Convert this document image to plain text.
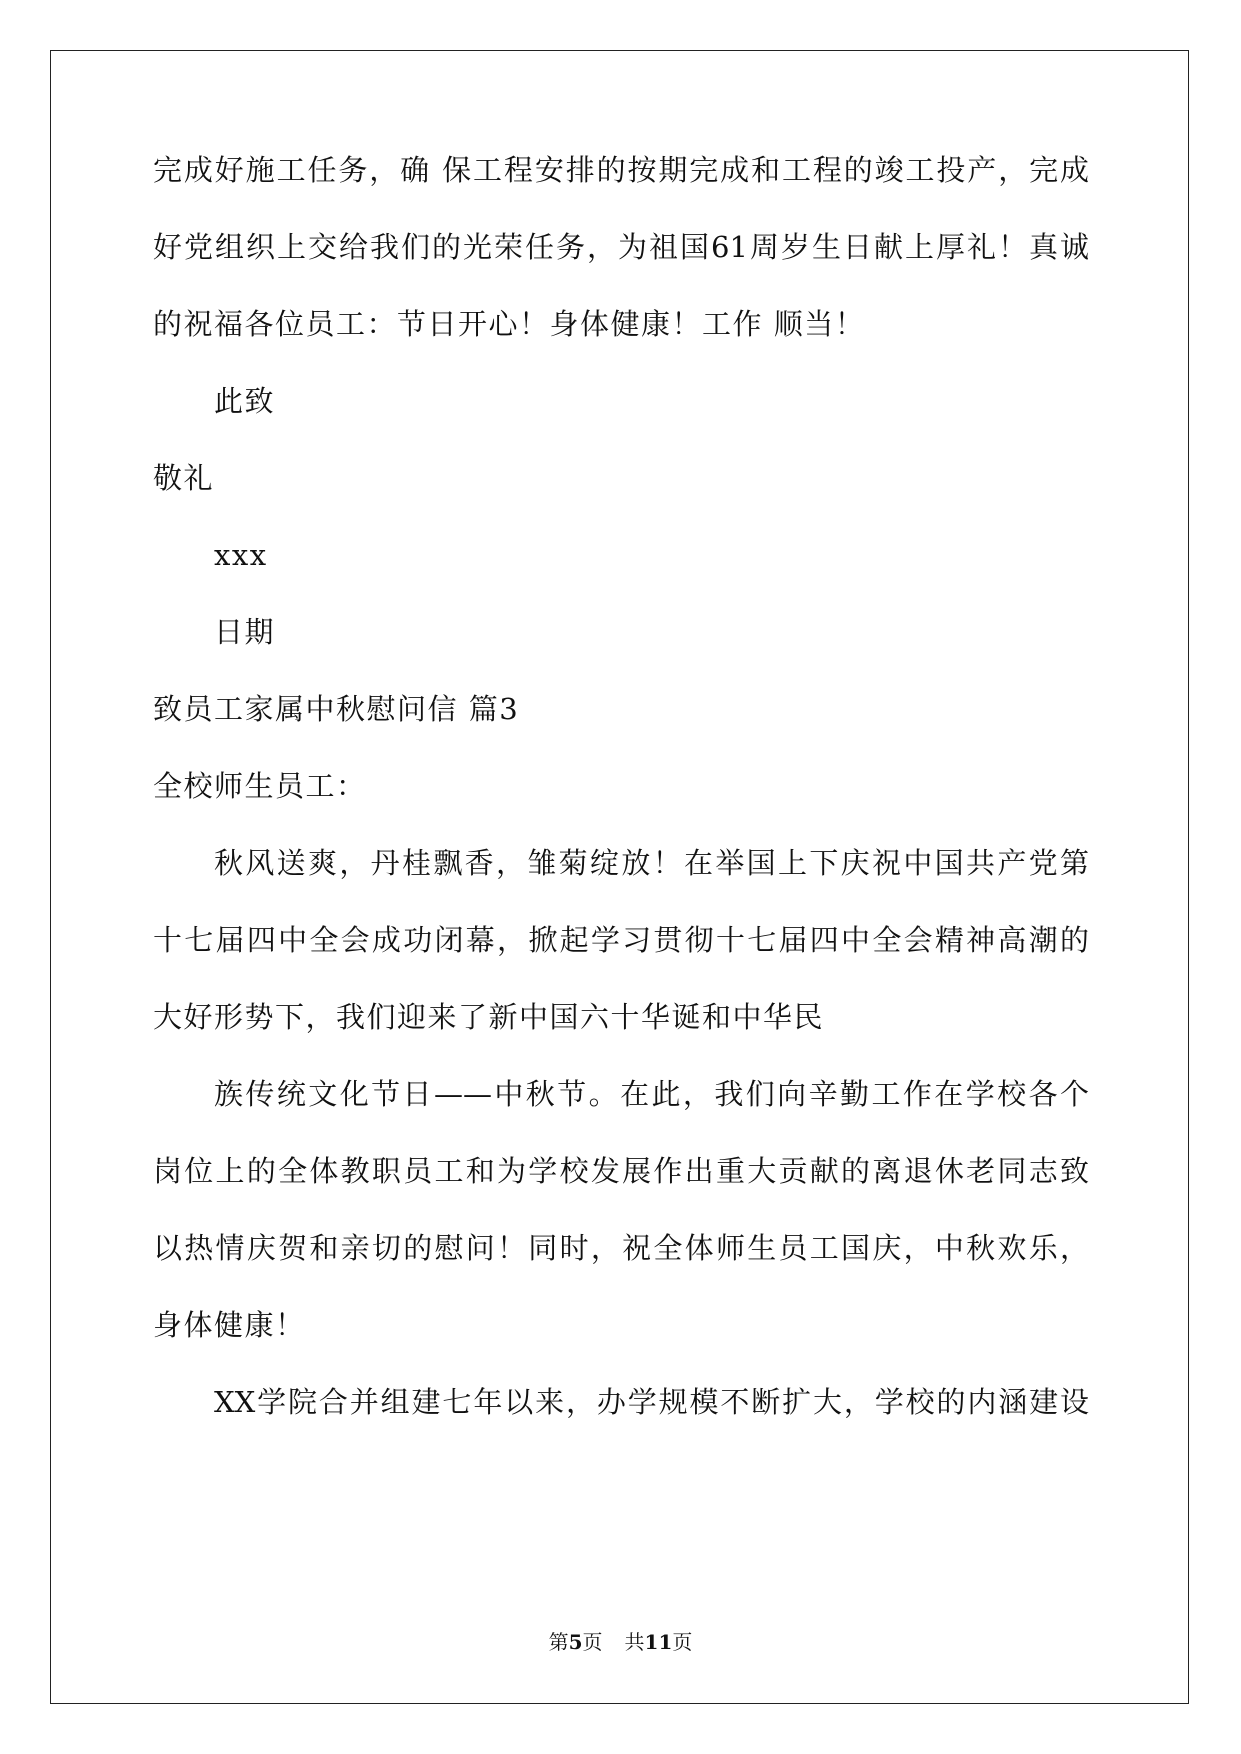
完成好施工任务，确 保工程安排的按期完成和工程的竣工投产，完成
好党组织上交给我们的光荣任务，为祖国61周岁生日献上厚礼！真诚
的祝福各位员工：节日开心！身体健康！工作 顺当！
此致
敬礼
xxx
日期
致员工家属中秋慰问信 篇3
全校师生员工：
秋风送爽，丹桂飘香，雏菊绽放！在举国上下庆祝中国共产党第
十七届四中全会成功闭幕，掀起学习贯彻十七届四中全会精神高潮的
大好形势下，我们迎来了新中国六十华诞和中华民
族传统文化节日——中秋节。在此，我们向辛勤工作在学校各个
岗位上的全体教职员工和为学校发展作出重大贡献的离退休老同志致
以热情庆贺和亲切的慰问！同时，祝全体师生员工国庆，中秋欢乐，
身体健康！
XX学院合并组建七年以来，办学规模不断扩大，学校的内涵建设
第5页 共11页
